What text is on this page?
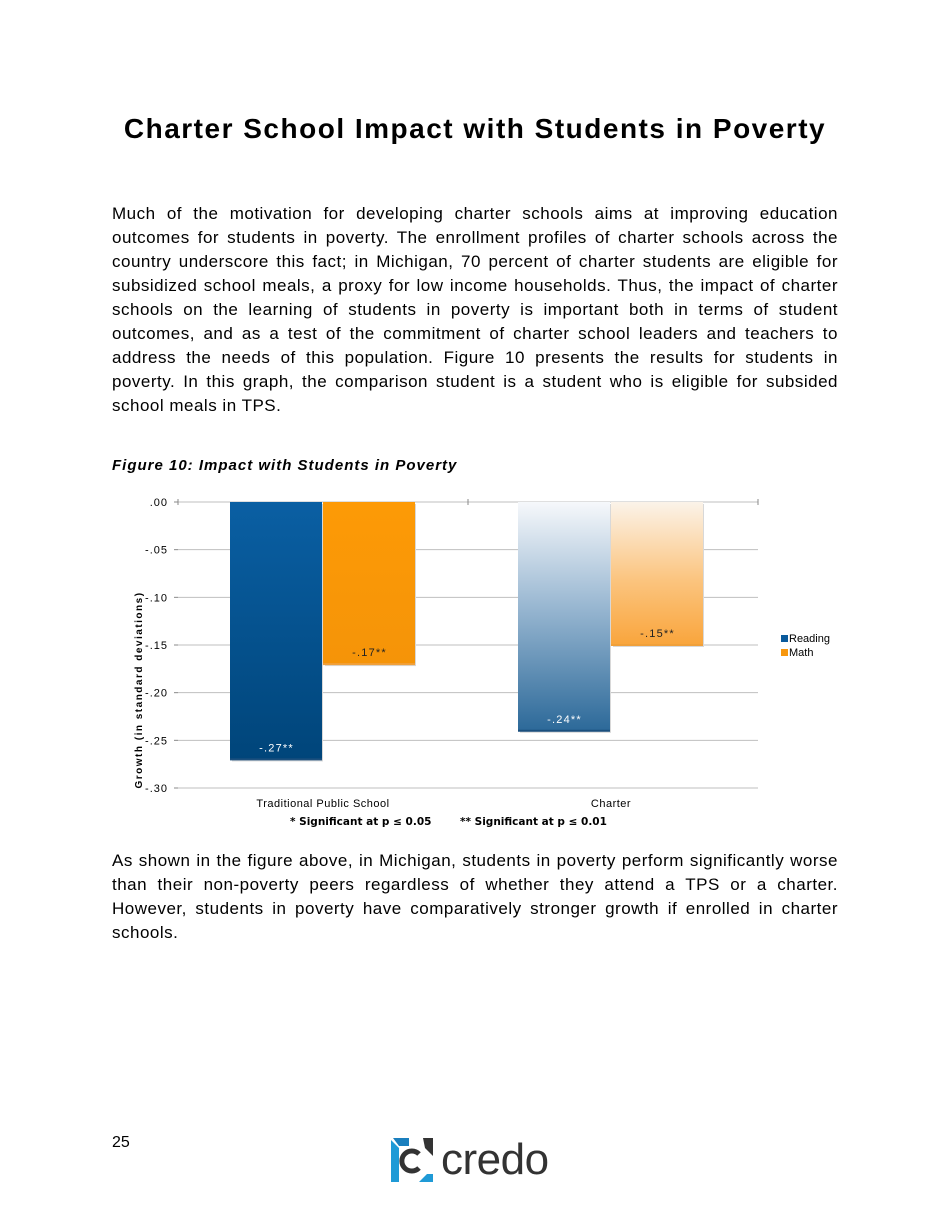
Charter School Impact with Students in Poverty

Much of the motivation for developing charter schools aims at improving education outcomes for students in poverty. The enrollment profiles of charter schools across the country underscore this fact; in Michigan, 70 percent of charter students are eligible for subsidized school meals, a proxy for low income households. Thus, the impact of charter schools on the learning of students in poverty is important both in terms of student outcomes, and as a test of the commitment of charter school leaders and teachers to address the needs of this population. Figure 10 presents the results for students in poverty. In this graph, the comparison student is a student who is eligible for subsided school meals in TPS.

Figure 10: Impact with Students in Poverty

.00
-.05
-.10
-.15
-.20
-.25
-.30
-.27**
-.17**
-.24**
-.15**
Growth (in standard deviations)
Traditional Public School	Charter
Reading
Math
* Significant at p ≤ 0.05	** Significant at p ≤ 0.01

As shown in the figure above, in Michigan, students in poverty perform significantly worse than their non-poverty peers regardless of whether they attend a TPS or a charter. However, students in poverty have comparatively stronger growth if enrolled in charter schools.

25	credo
